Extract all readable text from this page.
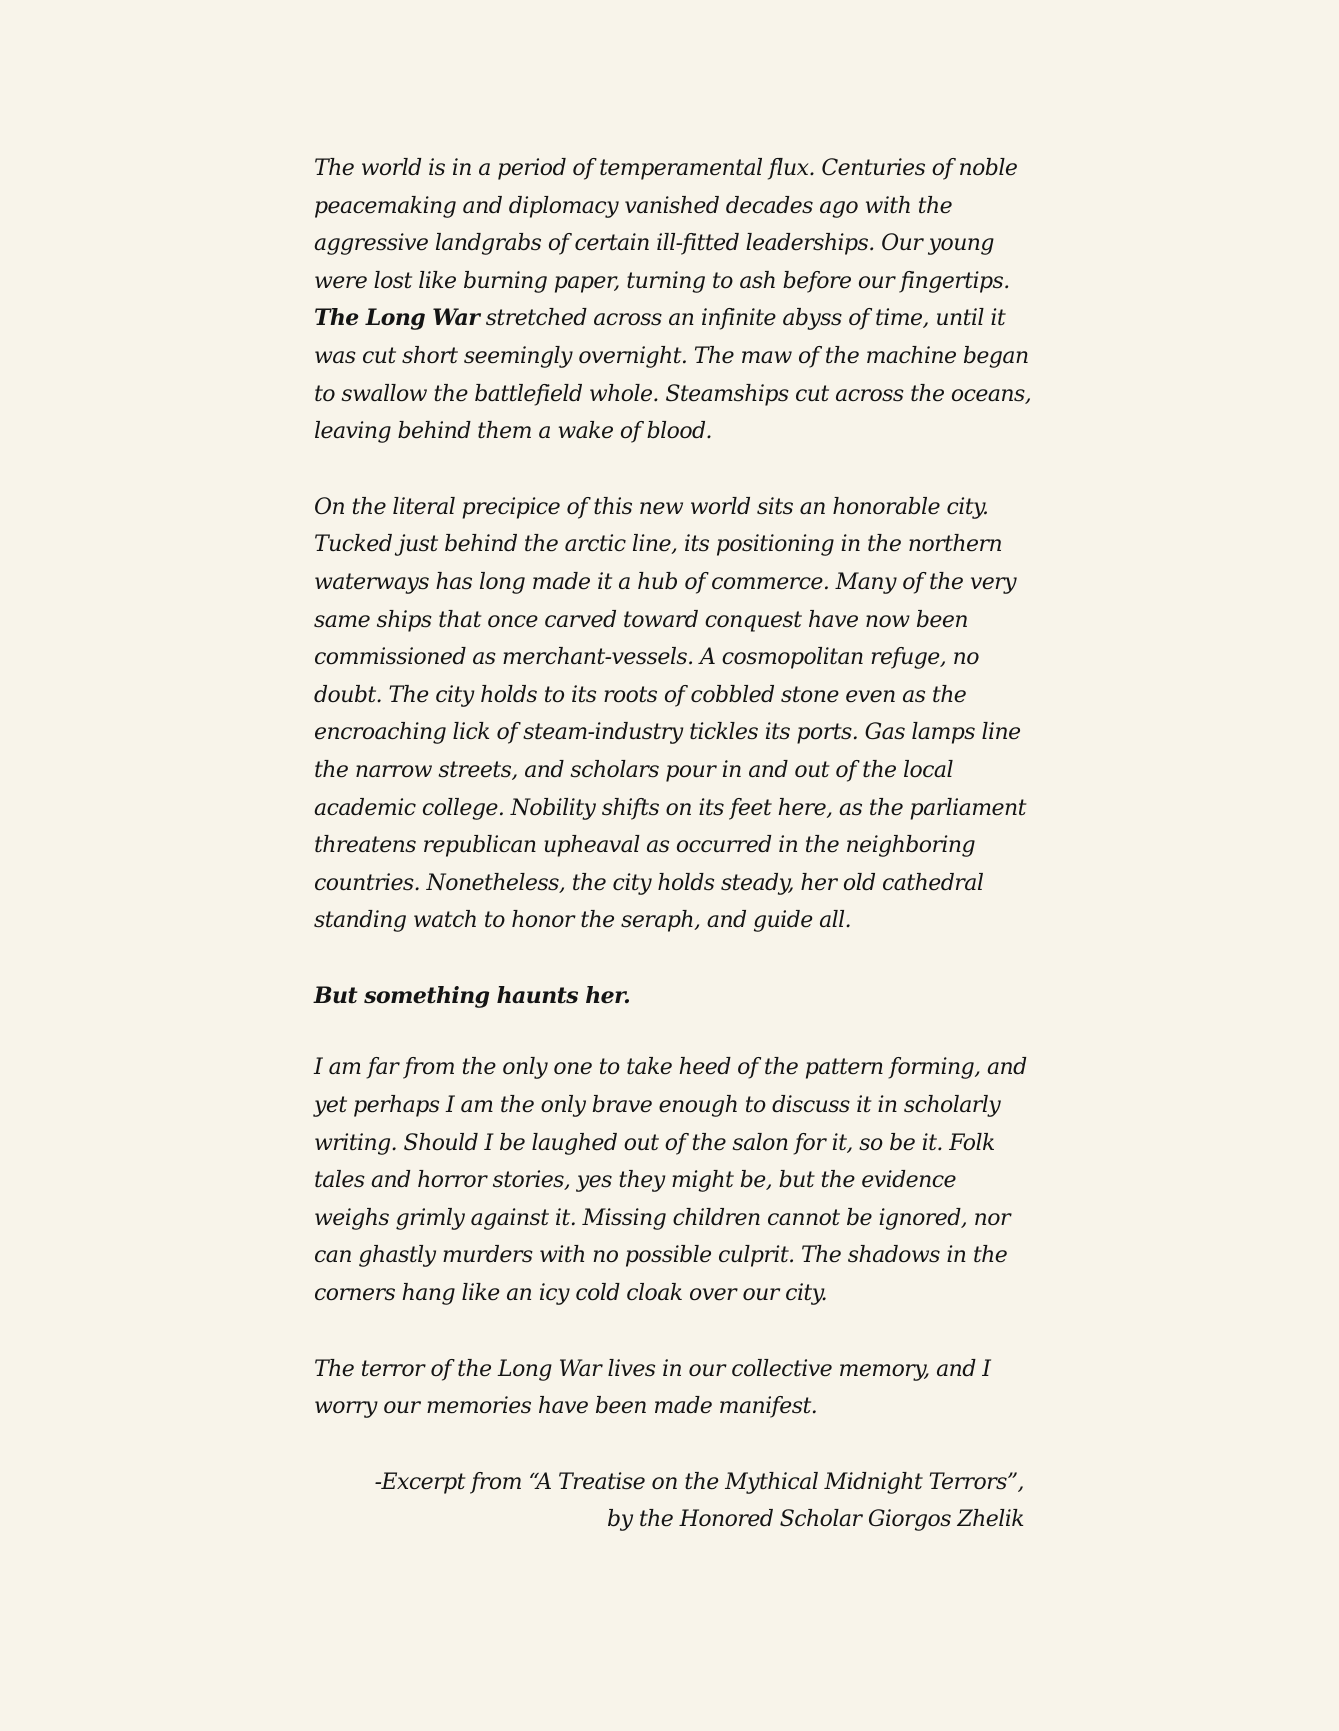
The world is in a period of temperamental flux. Centuries of noble peacemaking and diplomacy vanished decades ago with the aggressive landgrabs of certain ill-fitted leaderships. Our young were lost like burning paper, turning to ash before our fingertips. The Long War stretched across an infinite abyss of time, until it was cut short seemingly overnight. The maw of the machine began to swallow the battlefield whole. Steamships cut across the oceans, leaving behind them a wake of blood.

On the literal precipice of this new world sits an honorable city. Tucked just behind the arctic line, its positioning in the northern waterways has long made it a hub of commerce. Many of the very same ships that once carved toward conquest have now been commissioned as merchant-vessels. A cosmopolitan refuge, no doubt. The city holds to its roots of cobbled stone even as the encroaching lick of steam-industry tickles its ports. Gas lamps line the narrow streets, and scholars pour in and out of the local academic college. Nobility shifts on its feet here, as the parliament threatens republican upheaval as occurred in the neighboring countries. Nonetheless, the city holds steady, her old cathedral standing watch to honor the seraph, and guide all.

But something haunts her.

I am far from the only one to take heed of the pattern forming, and yet perhaps I am the only brave enough to discuss it in scholarly writing. Should I be laughed out of the salon for it, so be it. Folk tales and horror stories, yes they might be, but the evidence weighs grimly against it. Missing children cannot be ignored, nor can ghastly murders with no possible culprit. The shadows in the corners hang like an icy cold cloak over our city.

The terror of the Long War lives in our collective memory, and I worry our memories have been made manifest.

-Excerpt from “A Treatise on the Mythical Midnight Terrors”,
by the Honored Scholar Giorgos Zhelik
